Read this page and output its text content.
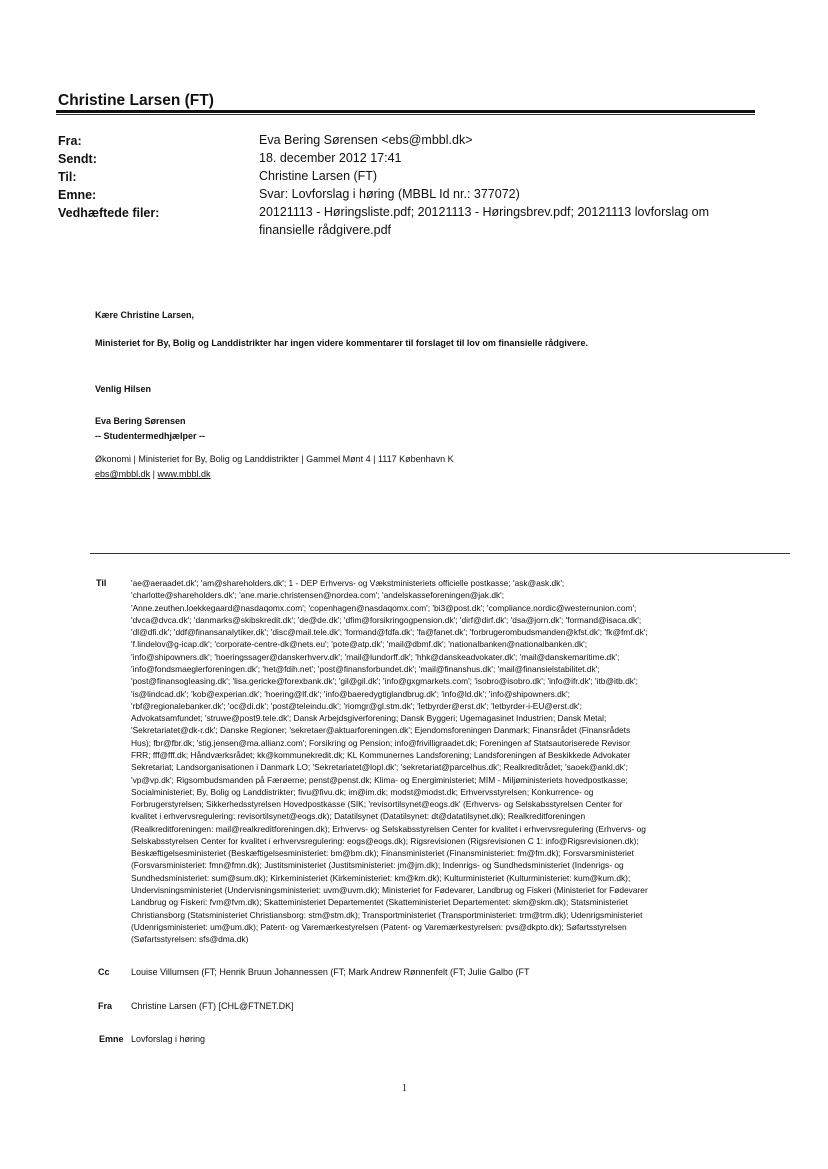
Christine Larsen (FT)
Fra:	Eva Bering Sørensen <ebs@mbbl.dk>
Sendt:	18. december 2012 17:41
Til:	Christine Larsen (FT)
Emne:	Svar: Lovforslag i høring (MBBL Id nr.: 377072)
Vedhæftede filer:	20121113 - Høringsliste.pdf; 20121113 - Høringsbrev.pdf; 20121113 lovforslag om
finansielle rådgivere.pdf
Kære Christine Larsen,
Ministeriet for By, Bolig og Landdistrikter har ingen videre kommentarer til forslaget til lov om finansielle rådgivere.
Venlig Hilsen
Eva Bering Sørensen
-- Studentermedhjælper --
Økonomi | Ministeriet for By, Bolig og Landdistrikter | Gammel Mønt 4 | 1117 København K
ebs@mbbl.dk | www.mbbl.dk
Til	'ae@aeraadet.dk'; 'am@shareholders.dk'; 1 - DEP Erhvervs- og Vækstministeriets officielle postkasse; 'ask@ask.dk';
'charlotte@shareholders.dk'; 'ane.marie.christensen@nordea.com'; 'andelskasseforeningen@jak.dk';
'Anne.zeuthen.loekkegaard@nasdaqomx.com'; 'copenhagen@nasdaqomx.com'; 'bi3@post.dk'; 'compliance.nordic@westernunion.com';
'dvca@dvca.dk'; 'danmarks@skibskredit.dk'; 'de@de.dk'; 'dfim@forsikringogpension.dk'; 'dirf@dirf.dk'; 'dsa@jorn.dk'; 'formand@isaca.dk';
'dl@dfi.dk'; 'ddf@finansanalytiker.dk'; 'disc@mail.tele.dk'; 'formand@fdfa.dk'; 'fa@fanet.dk'; 'forbrugerombudsmanden@kfst.dk'; 'fk@fmf.dk';
'f.lindelov@g-icap.dk'; 'corporate-centre-dk@nets.eu'; 'pote@atp.dk'; 'mail@dbmf.dk'; 'nationalbanken@nationalbanken.dk';
'info@shipowners.dk'; 'hoeringssager@danskerhverv.dk'; 'mail@lundorff.dk'; 'hhk@danskeadvokater.dk'; 'mail@danskemaritime.dk';
'info@fondsmaeglerforeningen.dk'; 'het@fdih.net'; 'post@finansforbundet.dk'; 'mail@finanshus.dk'; 'mail@finansielstabilitet.dk';
'post@finansogleasing.dk'; 'lisa.gericke@forexbank.dk'; 'gil@gil.dk'; 'info@gxgmarkets.com'; 'isobro@isobro.dk'; 'info@ifr.dk'; 'itb@itb.dk';
'is@lindcad.dk'; 'kob@experian.dk'; 'hoering@lf.dk'; 'info@baeredygtiglandbrug.dk'; 'info@ld.dk'; 'info@shipowners.dk';
'rbf@regionalebanker.dk'; 'oc@di.dk'; 'post@teleindu.dk'; 'riomgr@gl.stm.dk'; 'letbyrder@erst.dk'; 'letbyrder-i-EU@erst.dk';
Advokatsamfundet; 'struwe@post9.tele.dk'; Dansk Arbejdsgiverforening; Dansk Byggeri; Ugemagasinet Industrien; Dansk Metal;
'Sekretariatet@dk-r.dk'; Danske Regioner; 'sekretaer@aktuarforeningen.dk'; Ejendomsforeningen Danmark; Finansrådet (Finansrådets
Hus); fbr@fbr.dk; 'stig.jensen@ma.allianz.com'; Forsikring og Pension; info@frivilligraadet.dk; Foreningen af Statsautoriserede Revisor
FRR; fff@fff.dk; Håndværksrådet; kk@kommunekredit.dk; KL Kommunernes Landsforening; Landsforeningen af Beskikkede Advokater
Sekretariat; Landsorganisationen i Danmark LO; 'Sekretariatet@lopl.dk'; 'sekretariat@parcelhus.dk'; Realkreditrådet; 'saoek@ankl.dk';
'vp@vp.dk'; Rigsombudsmanden på Færøerne; penst@penst.dk; Klima- og Energiministeriet; MIM - Miljøministeriets hovedpostkasse;
Socialministeriet; By, Bolig og Landdistrikter; fivu@fivu.dk; im@im.dk; modst@modst.dk; Erhvervsstyrelsen; Konkurrence- og
Forbrugerstyrelsen; Sikkerhedsstyrelsen Hovedpostkasse (SIK; 'revisortilsynet@eogs.dk' (Erhvervs- og Selskabsstyrelsen Center for
kvalitet i erhvervsregulering: revisortilsynet@eogs.dk); Datatilsynet (Datatilsynet: dt@datatilsynet.dk); Realkreditforeningen
(Realkreditforeningen: mail@realkreditforeningen.dk); Erhvervs- og Selskabsstyrelsen Center for kvalitet i erhvervsregulering (Erhvervs- og
Selskabsstyrelsen Center for kvalitet i erhvervsregulering: eogs@eogs.dk); Rigsrevisionen (Rigsrevisionen C 1: info@Rigsrevisionen.dk);
Beskæftigelsesministeriet (Beskæftigelsesministeriet: bm@bm.dk); Finansministeriet (Finansministeriet: fm@fm.dk); Forsvarsministeriet
(Forsvarsministeriet: fmn@fmn.dk); Justitsministeriet (Justitsministeriet: jm@jm.dk); Indenrigs- og Sundhedsministeriet (Indenrigs- og
Sundhedsministeriet: sum@sum.dk); Kirkeministeriet (Kirkeministeriet: km@km.dk); Kulturministeriet (Kulturministeriet: kum@kum.dk);
Undervisningsministeriet (Undervisningsministeriet: uvm@uvm.dk); Ministeriet for Fødevarer, Landbrug og Fiskeri (Ministeriet for Fødevarer
Landbrug og Fiskeri: fvm@fvm.dk); Skatteministeriet Departementet (Skatteministeriet Departementet: skm@skm.dk); Statsministeriet
Christiansborg (Statsministeriet Christiansborg: stm@stm.dk); Transportministeriet (Transportministeriet: trm@trm.dk); Udenrigsministeriet
(Udenrigsministeriet: um@um.dk); Patent- og Varemærkestyrelsen (Patent- og Varemærkestyrelsen: pvs@dkpto.dk); Søfartsstyrelsen
(Søfartsstyrelsen: sfs@dma.dk)
Cc Louise Villumsen (FT; Henrik Bruun Johannessen (FT; Mark Andrew Rønnenfelt (FT; Julie Galbo (FT
Fra Christine Larsen (FT) [CHL@FTNET.DK]
Emne Lovforslag i høring
1
